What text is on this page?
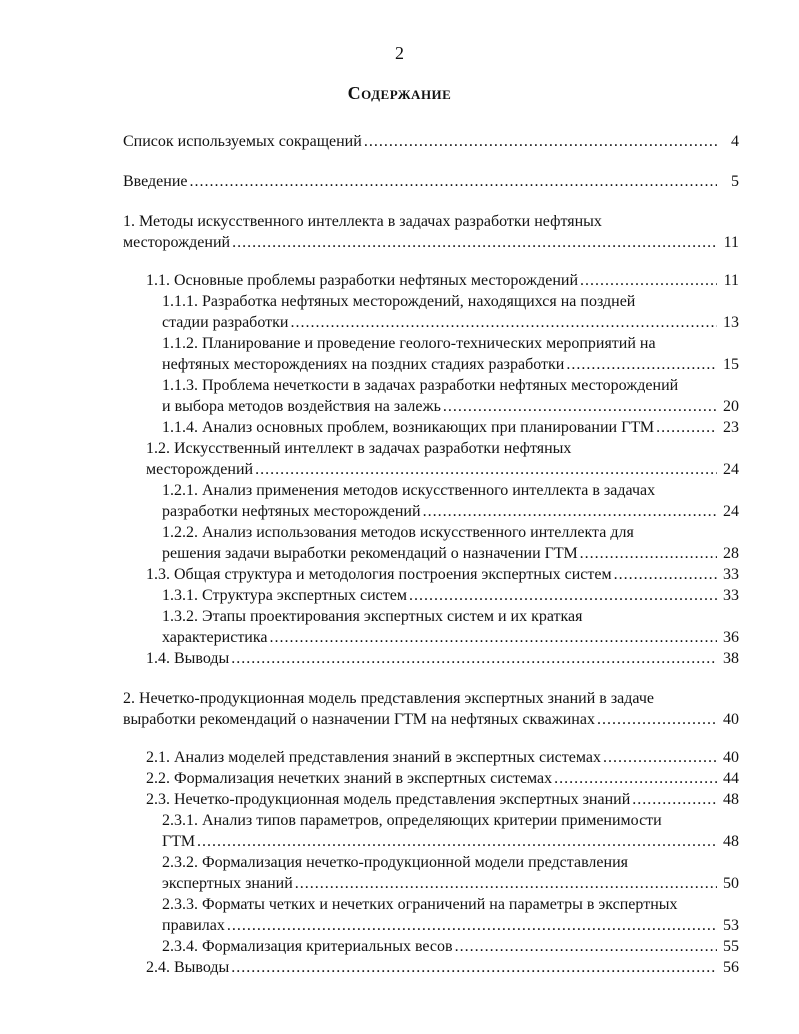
2
Содержание
Список используемых сокращений .....	4
Введение .....	5
1. Методы искусственного интеллекта в задачах разработки нефтяных
месторождений .....	11
1.1. Основные проблемы разработки нефтяных месторождений .....	11
1.1.1. Разработка нефтяных месторождений, находящихся на поздней
стадии разработки .....	13
1.1.2. Планирование и проведение геолого-технических мероприятий на
нефтяных месторождениях на поздних стадиях разработки .....	15
1.1.3. Проблема нечеткости в задачах разработки нефтяных месторождений
и выбора методов воздействия на залежь .....	20
1.1.4. Анализ основных проблем, возникающих при планировании ГТМ .....	23
1.2. Искусственный интеллект в задачах разработки нефтяных
месторождений .....	24
1.2.1. Анализ применения методов искусственного интеллекта в задачах
разработки нефтяных месторождений .....	24
1.2.2. Анализ использования методов искусственного интеллекта для
решения задачи выработки рекомендаций о назначении ГТМ .....	28
1.3. Общая структура и методология построения экспертных систем .....	33
1.3.1. Структура экспертных систем .....	33
1.3.2. Этапы проектирования экспертных систем и их краткая
характеристика .....	36
1.4. Выводы .....	38
2. Нечетко-продукционная модель представления экспертных знаний в задаче
выработки рекомендаций о назначении ГТМ на нефтяных скважинах .....	40
2.1. Анализ моделей представления знаний в экспертных системах .....	40
2.2. Формализация нечетких знаний в экспертных системах .....	44
2.3. Нечетко-продукционная модель представления экспертных знаний .....	48
2.3.1. Анализ типов параметров, определяющих критерии применимости
ГТМ .....	48
2.3.2. Формализация нечетко-продукционной модели представления
экспертных знаний .....	50
2.3.3. Форматы четких и нечетких ограничений на параметры в экспертных
правилах .....	53
2.3.4. Формализация критериальных весов .....	55
2.4. Выводы .....	56
